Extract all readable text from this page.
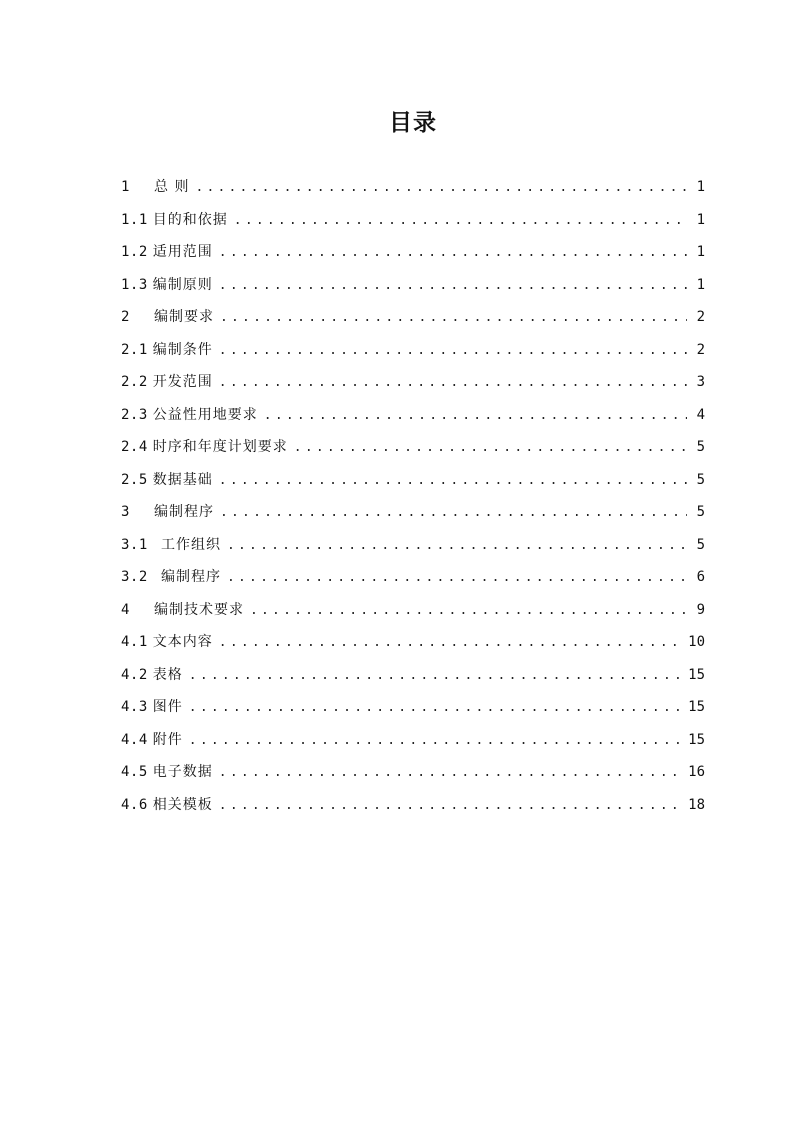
目录
1	总 则 .....	1
1.1 目的和依据 .....	1
1.2 适用范围 .....	1
1.3 编制原则 .....	1
2	编制要求 .....	2
2.1 编制条件 .....	2
2.2 开发范围 .....	3
2.3 公益性用地要求 .....	4
2.4 时序和年度计划要求 .....	5
2.5 数据基础 .....	5
3	编制程序 .....	5
3.1 工作组织 .....	5
3.2 编制程序 .....	6
4	编制技术要求 .....	9
4.1 文本内容 .....	10
4.2 表格 .....	15
4.3 图件 .....	15
4.4 附件 .....	15
4.5 电子数据 .....	16
4.6 相关模板 .....	18
